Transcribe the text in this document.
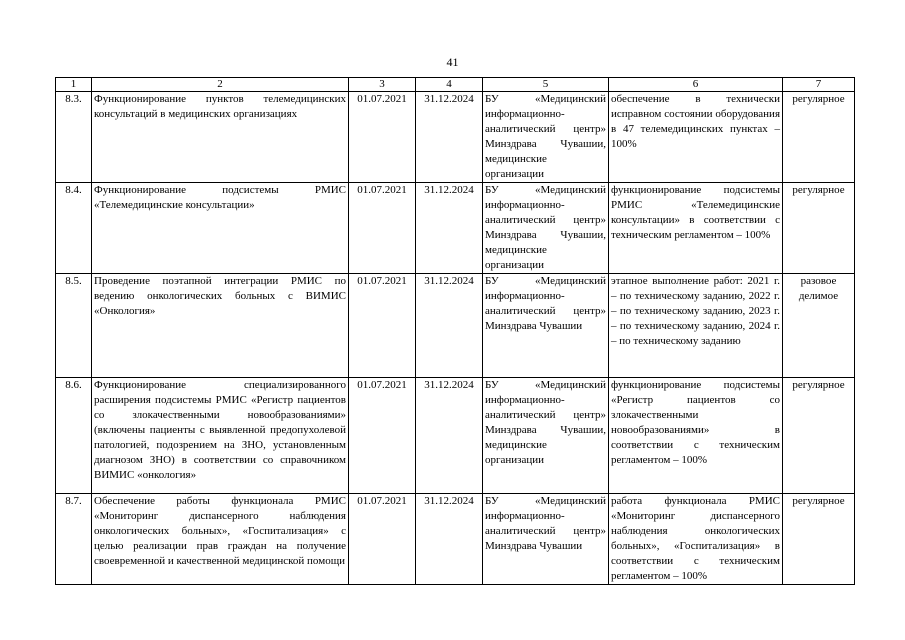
41
1	2	3	4	5	6	7
8.3.	Функционирование пунктов телемедицинских консультаций в медицинских организациях	01.07.2021	31.12.2024	БУ «Медицинский информационно-аналитический центр» Минздрава Чувашии, медицинские организации	обеспечение в технически исправном состоянии оборудования в 47 телемедицинских пунктах – 100%	регулярное
8.4.	Функционирование подсистемы РМИС «Телемедицинские консультации»	01.07.2021	31.12.2024	БУ «Медицинский информационно-аналитический центр» Минздрава Чувашии, медицинские организации	функционирование подсистемы РМИС «Телемедицинские консультации» в соответствии с техническим регламентом – 100%	регулярное
8.5.	Проведение поэтапной интеграции РМИС по ведению онкологических больных с ВИМИС «Онкология»	01.07.2021	31.12.2024	БУ «Медицинский информационно-аналитический центр» Минздрава Чувашии	этапное выполнение работ: 2021 г. – по техническому заданию, 2022 г. – по техническому заданию, 2023 г. – по техническому заданию, 2024 г. – по техническому заданию	разовое делимое
8.6.	Функционирование специализированного расширения подсистемы РМИС «Регистр пациентов со злокачественными новообразованиями» (включены пациенты с выявленной предопухолевой патологией, подозрением на ЗНО, установленным диагнозом ЗНО) в соответствии со справочником ВИМИС «онкология»	01.07.2021	31.12.2024	БУ «Медицинский информационно-аналитический центр» Минздрава Чувашии, медицинские организации	функционирование подсистемы «Регистр пациентов со злокачественными новообразованиями» в соответствии с техническим регламентом – 100%	регулярное
8.7.	Обеспечение работы функционала РМИС «Мониторинг диспансерного наблюдения онкологических больных», «Госпитализация» с целью реализации прав граждан на получение своевременной и качественной медицинской помощи	01.07.2021	31.12.2024	БУ «Медицинский информационно-аналитический центр» Минздрава Чувашии	работа функционала РМИС «Мониторинг диспансерного наблюдения онкологических больных», «Госпитализация» в соответствии с техническим регламентом – 100%	регулярное
